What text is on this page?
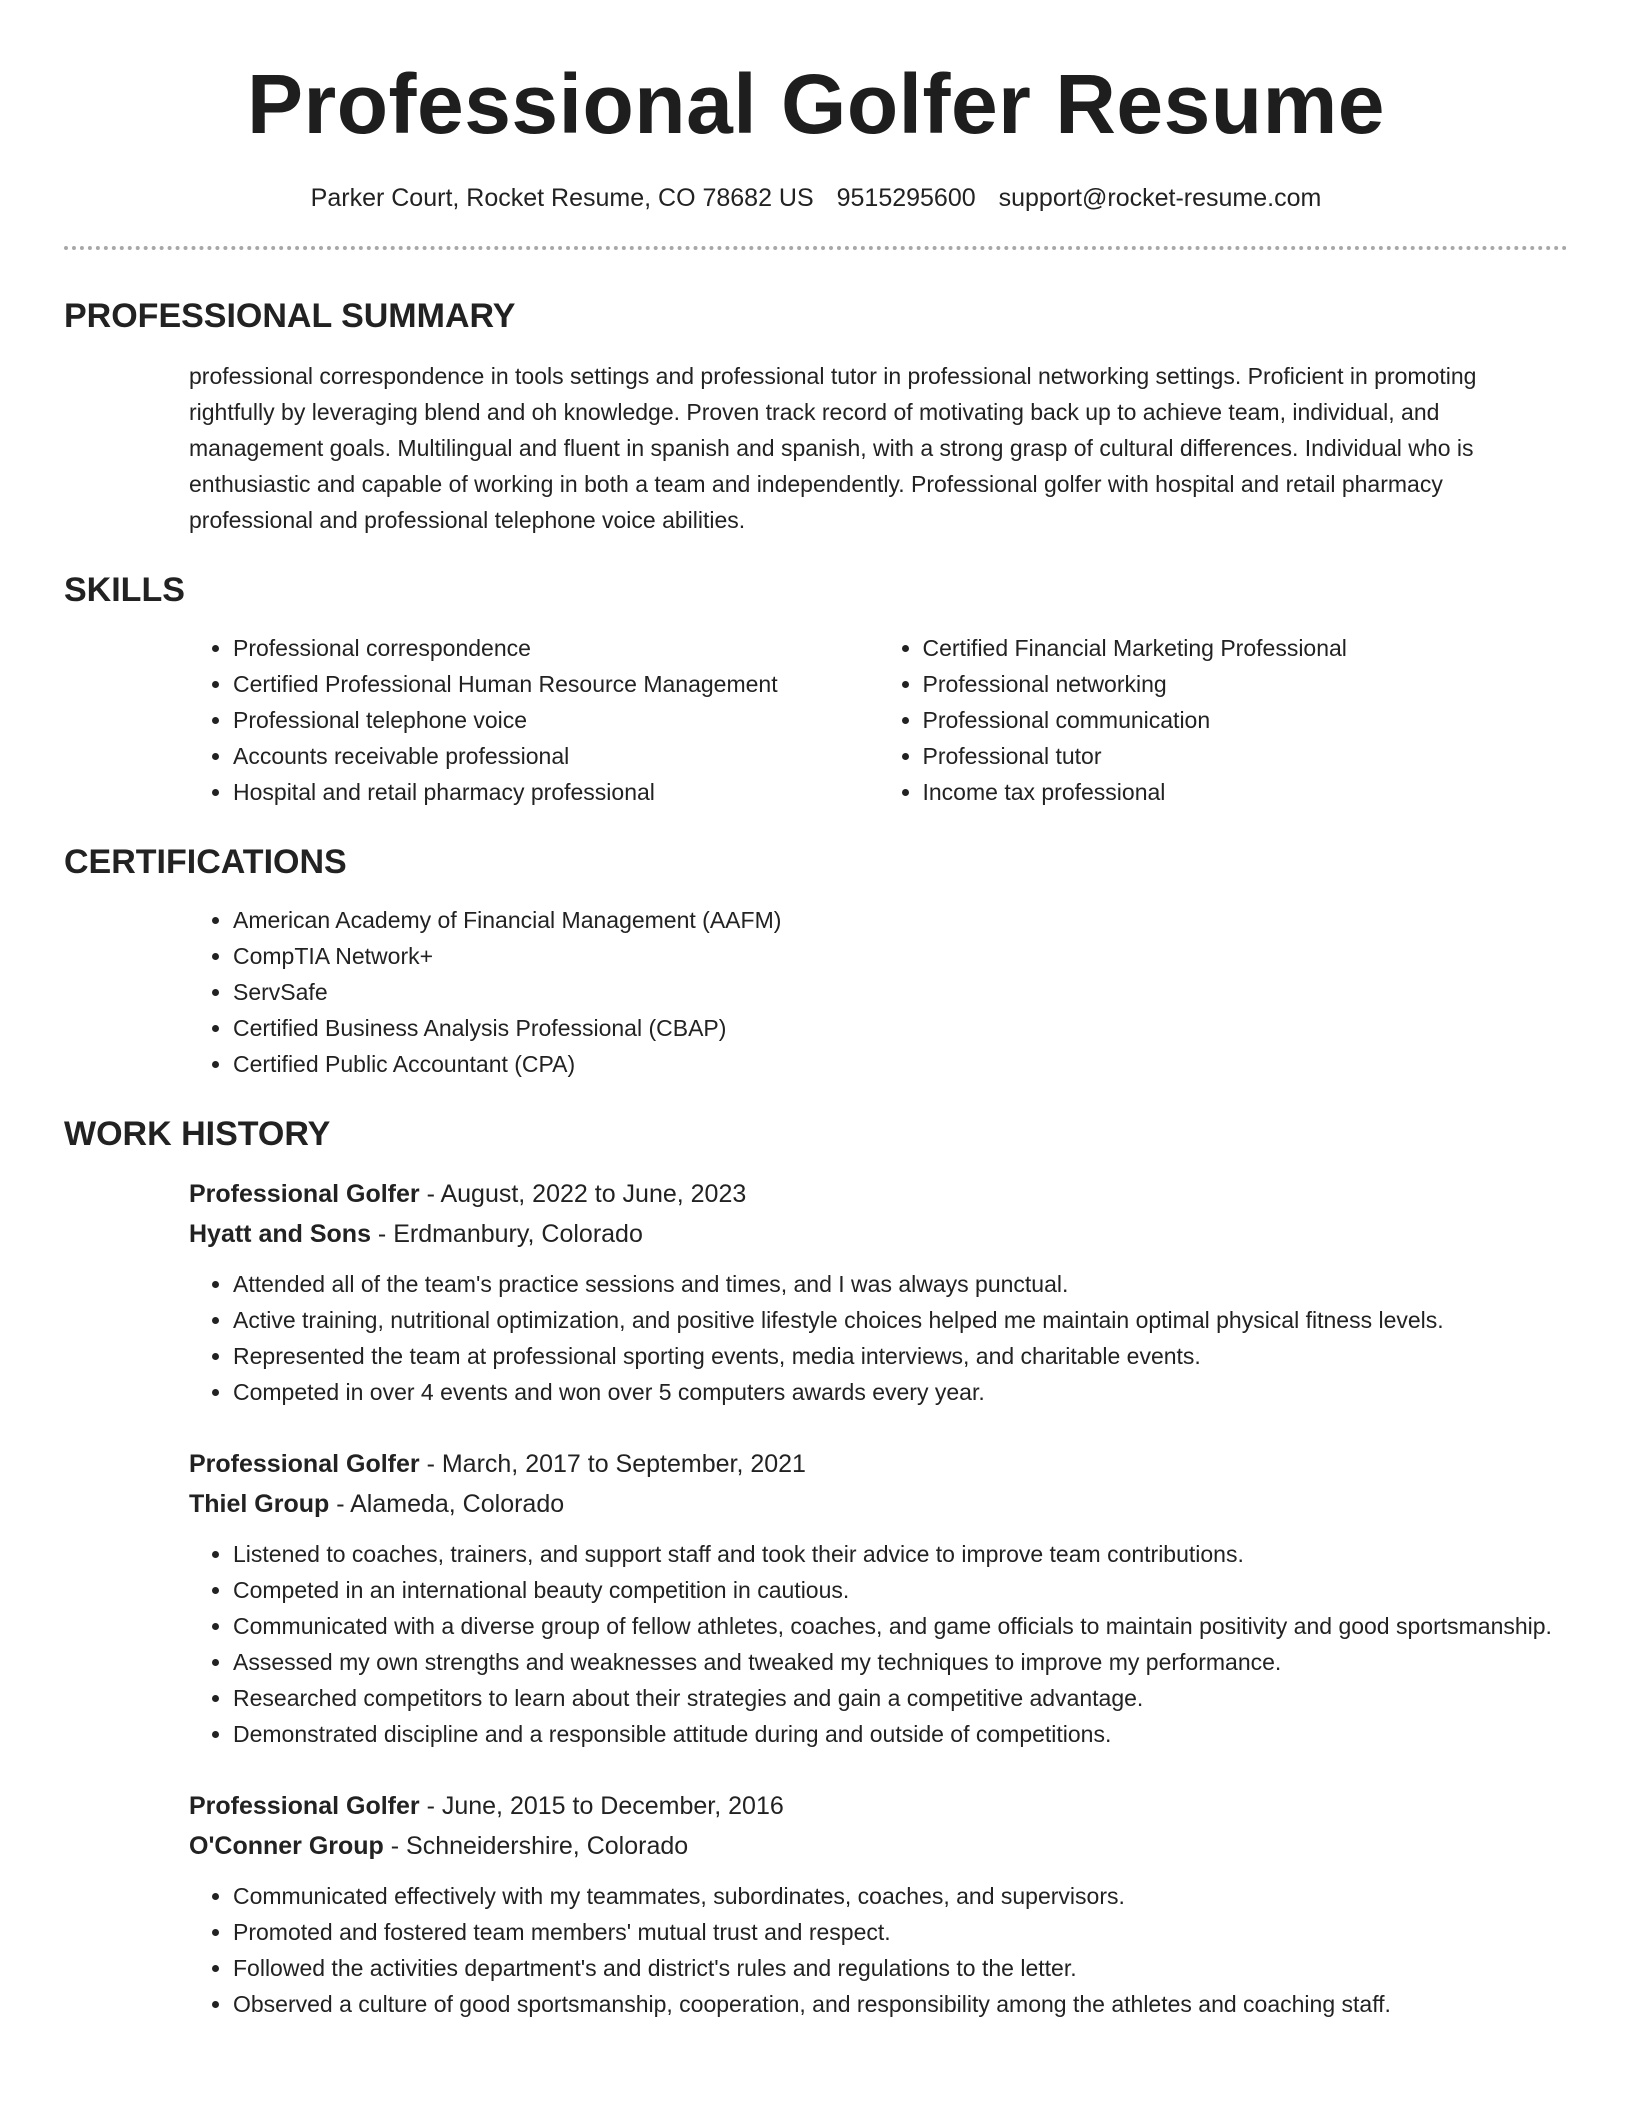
Professional Golfer Resume
Parker Court, Rocket Resume, CO 78682 US 9515295600 support@rocket-resume.com
PROFESSIONAL SUMMARY

professional correspondence in tools settings and professional tutor in professional networking settings. Proficient in promoting rightfully by leveraging blend and oh knowledge. Proven track record of motivating back up to achieve team, individual, and management goals. Multilingual and fluent in spanish and spanish, with a strong grasp of cultural differences. Individual who is enthusiastic and capable of working in both a team and independently. Professional golfer with hospital and retail pharmacy professional and professional telephone voice abilities.

SKILLS
• Professional correspondence
• Certified Professional Human Resource Management
• Professional telephone voice
• Accounts receivable professional
• Hospital and retail pharmacy professional
• Certified Financial Marketing Professional
• Professional networking
• Professional communication
• Professional tutor
• Income tax professional
CERTIFICATIONS
• American Academy of Financial Management (AAFM)
• CompTIA Network+
• ServSafe
• Certified Business Analysis Professional (CBAP)
• Certified Public Accountant (CPA)
WORK HISTORY
Professional Golfer - August, 2022 to June, 2023
Hyatt and Sons - Erdmanbury, Colorado
• Attended all of the team's practice sessions and times, and I was always punctual.
• Active training, nutritional optimization, and positive lifestyle choices helped me maintain optimal physical fitness levels.
• Represented the team at professional sporting events, media interviews, and charitable events.
• Competed in over 4 events and won over 5 computers awards every year.
Professional Golfer - March, 2017 to September, 2021
Thiel Group - Alameda, Colorado
• Listened to coaches, trainers, and support staff and took their advice to improve team contributions.
• Competed in an international beauty competition in cautious.
• Communicated with a diverse group of fellow athletes, coaches, and game officials to maintain positivity and good sportsmanship.
• Assessed my own strengths and weaknesses and tweaked my techniques to improve my performance.
• Researched competitors to learn about their strategies and gain a competitive advantage.
• Demonstrated discipline and a responsible attitude during and outside of competitions.
Professional Golfer - June, 2015 to December, 2016
O'Conner Group - Schneidershire, Colorado
• Communicated effectively with my teammates, subordinates, coaches, and supervisors.
• Promoted and fostered team members' mutual trust and respect.
• Followed the activities department's and district's rules and regulations to the letter.
• Observed a culture of good sportsmanship, cooperation, and responsibility among the athletes and coaching staff.
